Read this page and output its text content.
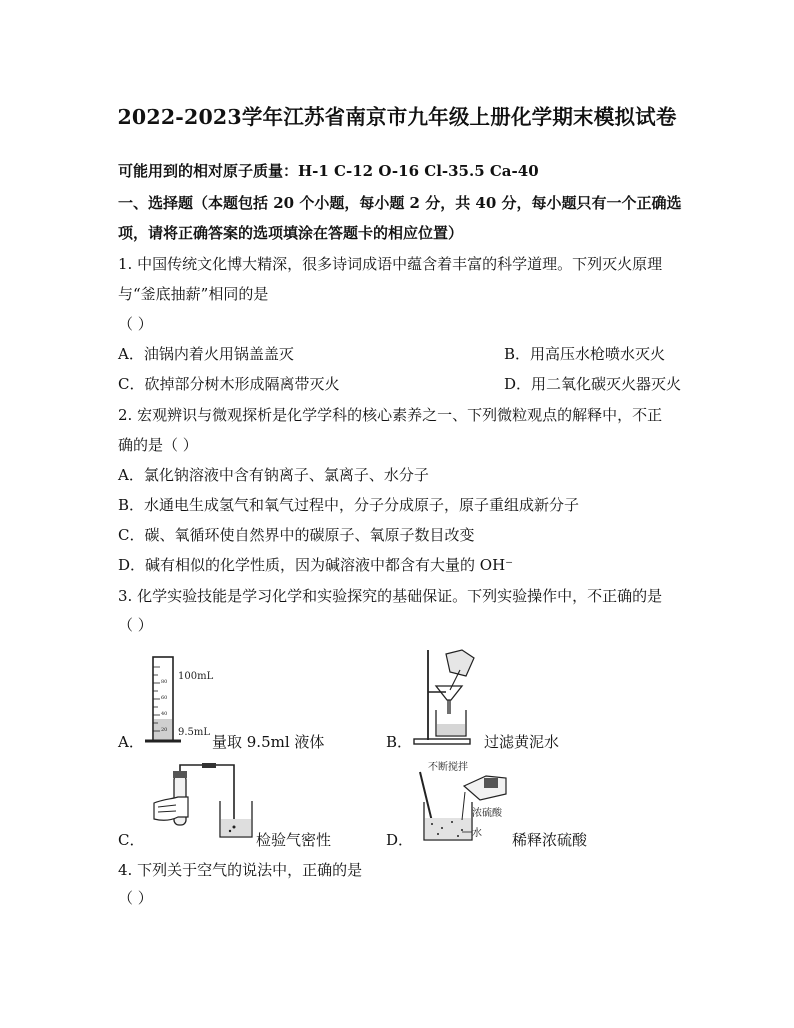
2022-2023学年江苏省南京市九年级上册化学期末模拟试卷
可能用到的相对原子质量：H-1 C-12 O-16 Cl-35.5 Ca-40
一、选择题（本题包括 20 个小题，每小题 2 分，共 40 分，每小题只有一个正确选
项，请将正确答案的选项填涂在答题卡的相应位置）
1. 中国传统文化博大精深，很多诗词成语中蕴含着丰富的科学道理。下列灭火原理
与“釜底抽薪”相同的是
（ ）
A．油锅内着火用锅盖盖灭	B．用高压水枪喷水灭火
C．砍掉部分树木形成隔离带灭火	D．用二氧化碳灭火器灭火
2. 宏观辨识与微观探析是化学学科的核心素养之一、下列微粒观点的解释中，不正
确的是（ ）
A．氯化钠溶液中含有钠离子、氯离子、水分子
B．水通电生成氢气和氧气过程中，分子分成原子，原子重组成新分子
C．碳、氧循环使自然界中的碳原子、氧原子数目改变
D．碱有相似的化学性质，因为碱溶液中都含有大量的 OH⁻
3. 化学实验技能是学习化学和实验探究的基础保证。下列实验操作中，不正确的是
（ ）
A．
80
60
40
20
100mL
9.5mL
量取 9.5ml 液体	B．	过滤黄泥水
C．	检验气密性	D．
不断搅拌
浓硫酸
水 稀释浓硫酸
4. 下列关于空气的说法中，正确的是
（ ）
